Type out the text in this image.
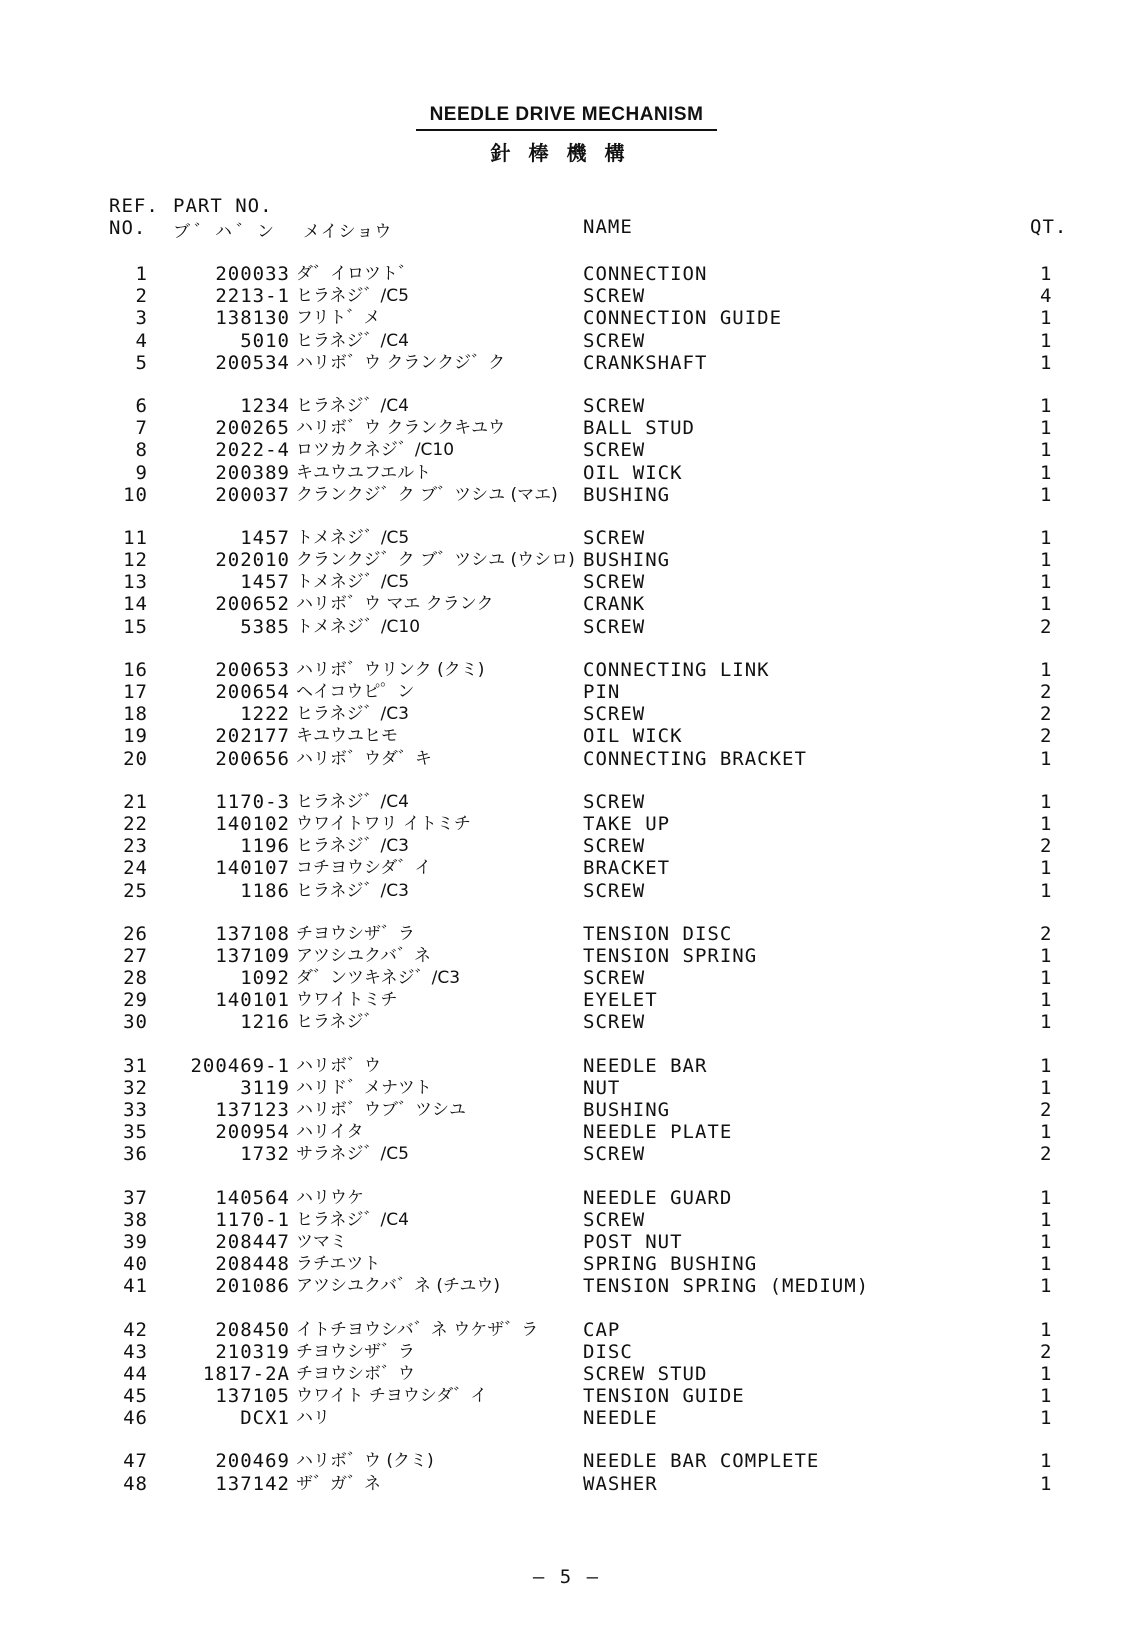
NEEDLE DRIVE MECHANISM
針棒機構
REF.
NO.
PART NO.
ブ゛ハ゛ン メイショウ	NAME	QT.
1	200033 ダ゛イロツト゛	CONNECTION	1
2	2213-1 ヒラネジ゛/C5	SCREW	4
3	138130 フリト゛メ	CONNECTION GUIDE	1
4	5010 ヒラネジ゛/C4	SCREW	1
5	200534 ハリボ゛ウ クランクジ゛ク	CRANKSHAFT	1
6	1234 ヒラネジ゛/C4	SCREW	1
7	200265 ハリボ゛ウ クランクキユウ	BALL STUD	1
8	2022-4 ロツカクネジ゛/C10	SCREW	1
9	200389 キユウユフエルト	OIL WICK	1
10	200037 クランクジ゛ク ブ゛ツシユ (マエ) BUSHING	1
11	1457 トメネジ゛/C5	SCREW	1
12	202010 クランクジ゛ク ブ゛ツシユ (ウシロ) BUSHING	1
13	1457 トメネジ゛/C5	SCREW	1
14	200652 ハリボ゛ウ マエ クランク	CRANK	1
15	5385 トメネジ゛/C10	SCREW	2
16	200653 ハリボ゛ウリンク (クミ)	CONNECTING LINK	1
17	200654 ヘイコウピ゜ン	PIN	2
18	1222 ヒラネジ゛/C3	SCREW	2
19	202177 キユウユヒモ	OIL WICK	2
20	200656 ハリボ゛ウダ゛キ	CONNECTING BRACKET	1
21	1170-3 ヒラネジ゛/C4	SCREW	1
22	140102 ウワイトワリ イトミチ	TAKE UP	1
23	1196 ヒラネジ゛/C3	SCREW	2
24	140107 コチヨウシダ゛イ	BRACKET	1
25	1186 ヒラネジ゛/C3	SCREW	1
26	137108 チヨウシザ゛ラ	TENSION DISC	2
27	137109 アツシユクバ゛ネ	TENSION SPRING	1
28	1092 ダ゛ンツキネジ゛/C3	SCREW	1
29	140101 ウワイトミチ	EYELET	1
30	1216 ヒラネジ゛	SCREW	1
31	200469-1 ハリボ゛ウ	NEEDLE BAR	1
32	3119 ハリド゛メナツト	NUT	1
33	137123 ハリボ゛ウブ゛ツシユ	BUSHING	2
35	200954 ハリイタ	NEEDLE PLATE	1
36	1732 サラネジ゛/C5	SCREW	2
37	140564 ハリウケ	NEEDLE GUARD	1
38	1170-1 ヒラネジ゛/C4	SCREW	1
39	208447 ツマミ	POST NUT	1
40	208448 ラチエツト	SPRING BUSHING	1
41	201086 アツシユクバ゛ネ (チユウ)	TENSION SPRING (MEDIUM)	1
42	208450 イトチヨウシバ゛ネ ウケザ゛ラ CAP	1
43	210319 チヨウシザ゛ラ	DISC	2
44	1817-2A チヨウシボ゛ウ	SCREW STUD	1
45	137105 ウワイト チヨウシダ゛イ	TENSION GUIDE	1
46	DCX1 ハリ	NEEDLE	1
47	200469 ハリボ゛ウ (クミ)	NEEDLE BAR COMPLETE	1
48	137142 ザ゛ガ゛ネ	WASHER	1
— 5 —
